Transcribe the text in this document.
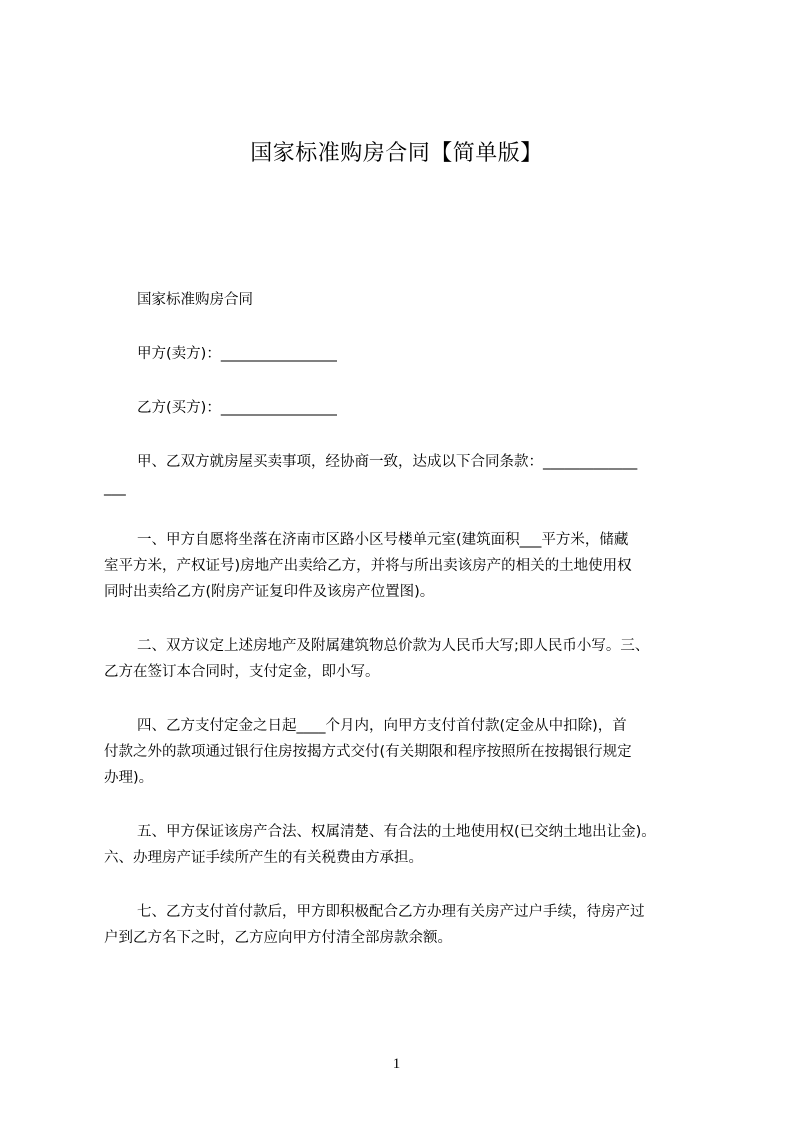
国家标准购房合同【简单版】
国家标准购房合同
甲方(卖方)：________________
乙方(买方)：________________
甲、乙双方就房屋买卖事项，经协商一致，达成以下合同条款：_____________
___
一、甲方自愿将坐落在济南市区路小区号楼单元室(建筑面积___平方米，储藏
室平方米，产权证号)房地产出卖给乙方，并将与所出卖该房产的相关的土地使用权
同时出卖给乙方(附房产证复印件及该房产位置图)。
二、双方议定上述房地产及附属建筑物总价款为人民币大写;即人民币小写。三、
乙方在签订本合同时，支付定金，即小写。
四、乙方支付定金之日起____个月内，向甲方支付首付款(定金从中扣除)，首
付款之外的款项通过银行住房按揭方式交付(有关期限和程序按照所在按揭银行规定
办理)。
五、甲方保证该房产合法、权属清楚、有合法的土地使用权(已交纳土地出让金)。
六、办理房产证手续所产生的有关税费由方承担。
七、乙方支付首付款后，甲方即积极配合乙方办理有关房产过户手续，待房产过
户到乙方名下之时，乙方应向甲方付清全部房款余额。
1
